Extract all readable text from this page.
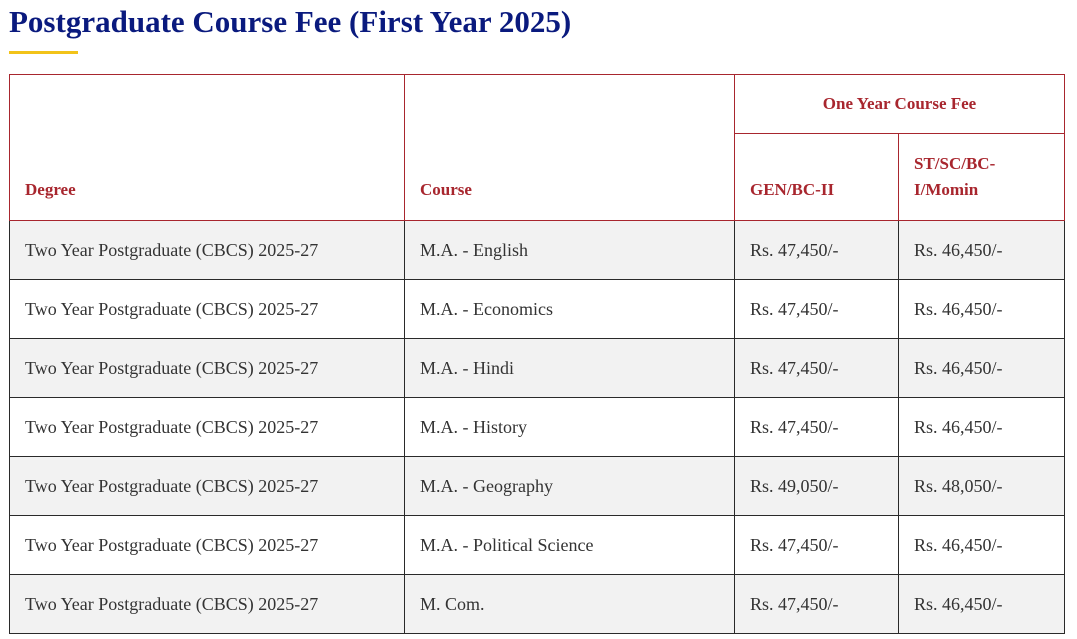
Postgraduate Course Fee (First Year 2025)
Degree	Course	One Year Course Fee	
		GEN/BC-II	ST/SC/BC-I/Momin
Two Year Postgraduate (CBCS) 2025-27	M.A. - English	Rs. 47,450/-	Rs. 46,450/-
Two Year Postgraduate (CBCS) 2025-27	M.A. - Economics	Rs. 47,450/-	Rs. 46,450/-
Two Year Postgraduate (CBCS) 2025-27	M.A. - Hindi	Rs. 47,450/-	Rs. 46,450/-
Two Year Postgraduate (CBCS) 2025-27	M.A. - History	Rs. 47,450/-	Rs. 46,450/-
Two Year Postgraduate (CBCS) 2025-27	M.A. - Geography	Rs. 49,050/-	Rs. 48,050/-
Two Year Postgraduate (CBCS) 2025-27	M.A. - Political Science	Rs. 47,450/-	Rs. 46,450/-
Two Year Postgraduate (CBCS) 2025-27	M. Com.	Rs. 47,450/-	Rs. 46,450/-
